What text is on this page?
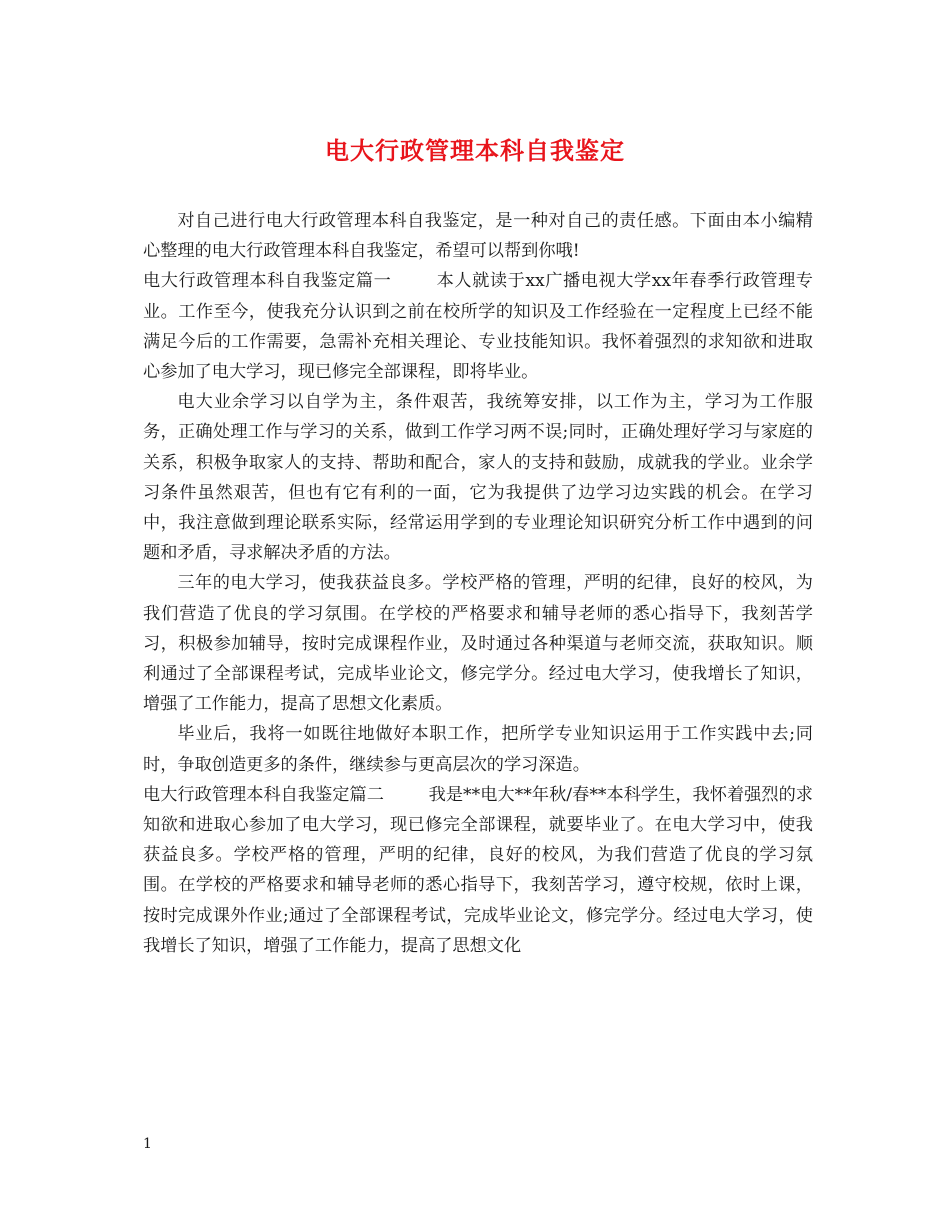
电大行政管理本科自我鉴定

对自己进行电大行政管理本科自我鉴定，是一种对自己的责任感。下面由本小编精心整理的电大行政管理本科自我鉴定，希望可以帮到你哦!

电大行政管理本科自我鉴定篇一	本人就读于xx广播电视大学xx年春季行政管理专业。工作至今，使我充分认识到之前在校所学的知识及工作经验在一定程度上已经不能满足今后的工作需要，急需补充相关理论、专业技能知识。我怀着强烈的求知欲和进取心参加了电大学习，现已修完全部课程，即将毕业。

电大业余学习以自学为主，条件艰苦，我统筹安排，以工作为主，学习为工作服务，正确处理工作与学习的关系，做到工作学习两不误;同时，正确处理好学习与家庭的关系，积极争取家人的支持、帮助和配合，家人的支持和鼓励，成就我的学业。业余学习条件虽然艰苦，但也有它有利的一面，它为我提供了边学习边实践的机会。在学习中，我注意做到理论联系实际，经常运用学到的专业理论知识研究分析工作中遇到的问题和矛盾，寻求解决矛盾的方法。

三年的电大学习，使我获益良多。学校严格的管理，严明的纪律，良好的校风，为我们营造了优良的学习氛围。在学校的严格要求和辅导老师的悉心指导下，我刻苦学习，积极参加辅导，按时完成课程作业，及时通过各种渠道与老师交流，获取知识。顺利通过了全部课程考试，完成毕业论文，修完学分。经过电大学习，使我增长了知识，增强了工作能力，提高了思想文化素质。

毕业后，我将一如既往地做好本职工作，把所学专业知识运用于工作实践中去;同时，争取创造更多的条件，继续参与更高层次的学习深造。

电大行政管理本科自我鉴定篇二	我是**电大**年秋/春**本科学生，我怀着强烈的求知欲和进取心参加了电大学习，现已修完全部课程，就要毕业了。在电大学习中，使我获益良多。学校严格的管理，严明的纪律，良好的校风，为我们营造了优良的学习氛围。在学校的严格要求和辅导老师的悉心指导下，我刻苦学习，遵守校规，依时上课，按时完成课外作业;通过了全部课程考试，完成毕业论文，修完学分。经过电大学习，使我增长了知识，增强了工作能力，提高了思想文化

1
